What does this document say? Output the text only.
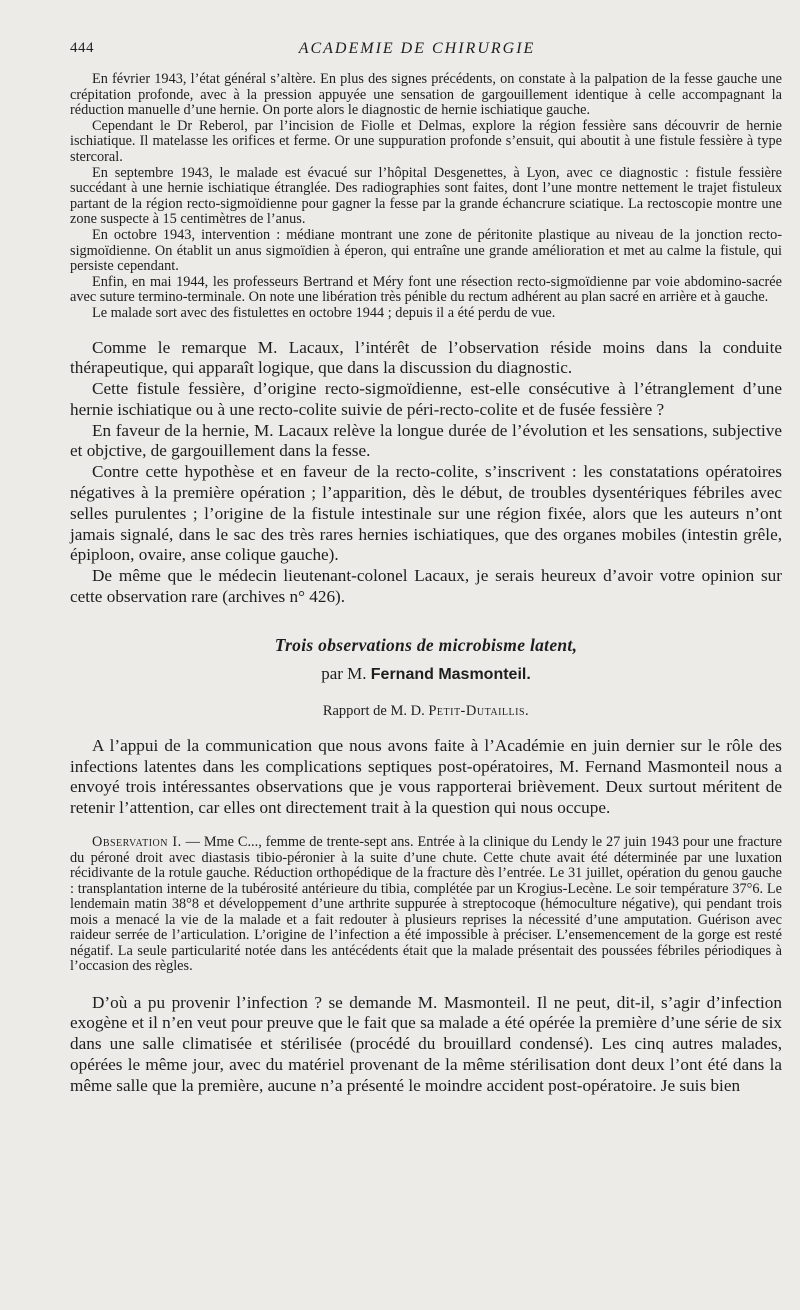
444	ACADEMIE DE CHIRURGIE

En février 1943, l’état général s’altère. En plus des signes précédents, on constate à la palpation de la fesse gauche une crépitation profonde, avec à la pression appuyée une sensation de gargouillement identique à celle accompagnant la réduction manuelle d’une hernie. On porte alors le diagnostic de hernie ischiatique gauche.

Cependant le Dr Reberol, par l’incision de Fiolle et Delmas, explore la région fessière sans découvrir de hernie ischiatique. Il matelasse les orifices et ferme. Or une suppuration profonde s’ensuit, qui aboutit à une fistule fessière à type stercoral.

En septembre 1943, le malade est évacué sur l’hôpital Desgenettes, à Lyon, avec ce diagnostic : fistule fessière succédant à une hernie ischiatique étranglée. Des radiographies sont faites, dont l’une montre nettement le trajet fistuleux partant de la région recto-sigmoïdienne pour gagner la fesse par la grande échancrure sciatique. La rectoscopie montre une zone suspecte à 15 centimètres de l’anus.

En octobre 1943, intervention : médiane montrant une zone de péritonite plastique au niveau de la jonction recto-sigmoïdienne. On établit un anus sigmoïdien à éperon, qui entraîne une grande amélioration et met au calme la fistule, qui persiste cependant.

Enfin, en mai 1944, les professeurs Bertrand et Méry font une résection recto-sigmoïdienne par voie abdomino-sacrée avec suture termino-terminale. On note une libération très pénible du rectum adhérent au plan sacré en arrière et à gauche.

Le malade sort avec des fistulettes en octobre 1944 ; depuis il a été perdu de vue.

Comme le remarque M. Lacaux, l’intérêt de l’observation réside moins dans la conduite thérapeutique, qui apparaît logique, que dans la discussion du diagnostic.

Cette fistule fessière, d’origine recto-sigmoïdienne, est-elle consécutive à l’étranglement d’une hernie ischiatique ou à une recto-colite suivie de péri-recto-colite et de fusée fessière ?

En faveur de la hernie, M. Lacaux relève la longue durée de l’évolution et les sensations, subjective et objctive, de gargouillement dans la fesse.

Contre cette hypothèse et en faveur de la recto-colite, s’inscrivent : les constatations opératoires négatives à la première opération ; l’apparition, dès le début, de troubles dysentériques fébriles avec selles purulentes ; l’origine de la fistule intestinale sur une région fixée, alors que les auteurs n’ont jamais signalé, dans le sac des très rares hernies ischiatiques, que des organes mobiles (intestin grêle, épiploon, ovaire, anse colique gauche).

De même que le médecin lieutenant-colonel Lacaux, je serais heureux d’avoir votre opinion sur cette observation rare (archives n° 426).

Trois observations de microbisme latent,
par M. Fernand Masmonteil.
Rapport de M. D. Petit-Dutaillis.

A l’appui de la communication que nous avons faite à l’Académie en juin dernier sur le rôle des infections latentes dans les complications septiques post-opératoires, M. Fernand Masmonteil nous a envoyé trois intéressantes observations que je vous rapporterai brièvement. Deux surtout méritent de retenir l’attention, car elles ont directement trait à la question qui nous occupe.

Observation I. — Mme C..., femme de trente-sept ans. Entrée à la clinique du Lendy le 27 juin 1943 pour une fracture du péroné droit avec diastasis tibio-péronier à la suite d’une chute. Cette chute avait été déterminée par une luxation récidivante de la rotule gauche. Réduction orthopédique de la fracture dès l’entrée. Le 31 juillet, opération du genou gauche : transplantation interne de la tubérosité antérieure du tibia, complétée par un Krogius-Lecène. Le soir température 37°6. Le lendemain matin 38°8 et développement d’une arthrite suppurée à streptocoque (hémoculture négative), qui pendant trois mois a menacé la vie de la malade et a fait redouter à plusieurs reprises la nécessité d’une amputation. Guérison avec raideur serrée de l’articulation. L’origine de l’infection a été impossible à préciser. L’ensemencement de la gorge est resté négatif. La seule particularité notée dans les antécédents était que la malade présentait des poussées fébriles périodiques à l’occasion des règles.

D’où a pu provenir l’infection ? se demande M. Masmonteil. Il ne peut, dit-il, s’agir d’infection exogène et il n’en veut pour preuve que le fait que sa malade a été opérée la première d’une série de six dans une salle climatisée et stérilisée (procédé du brouillard condensé). Les cinq autres malades, opérées le même jour, avec du matériel provenant de la même stérilisation dont deux l’ont été dans la même salle que la première, aucune n’a présenté le moindre accident post-opératoire. Je suis bien
